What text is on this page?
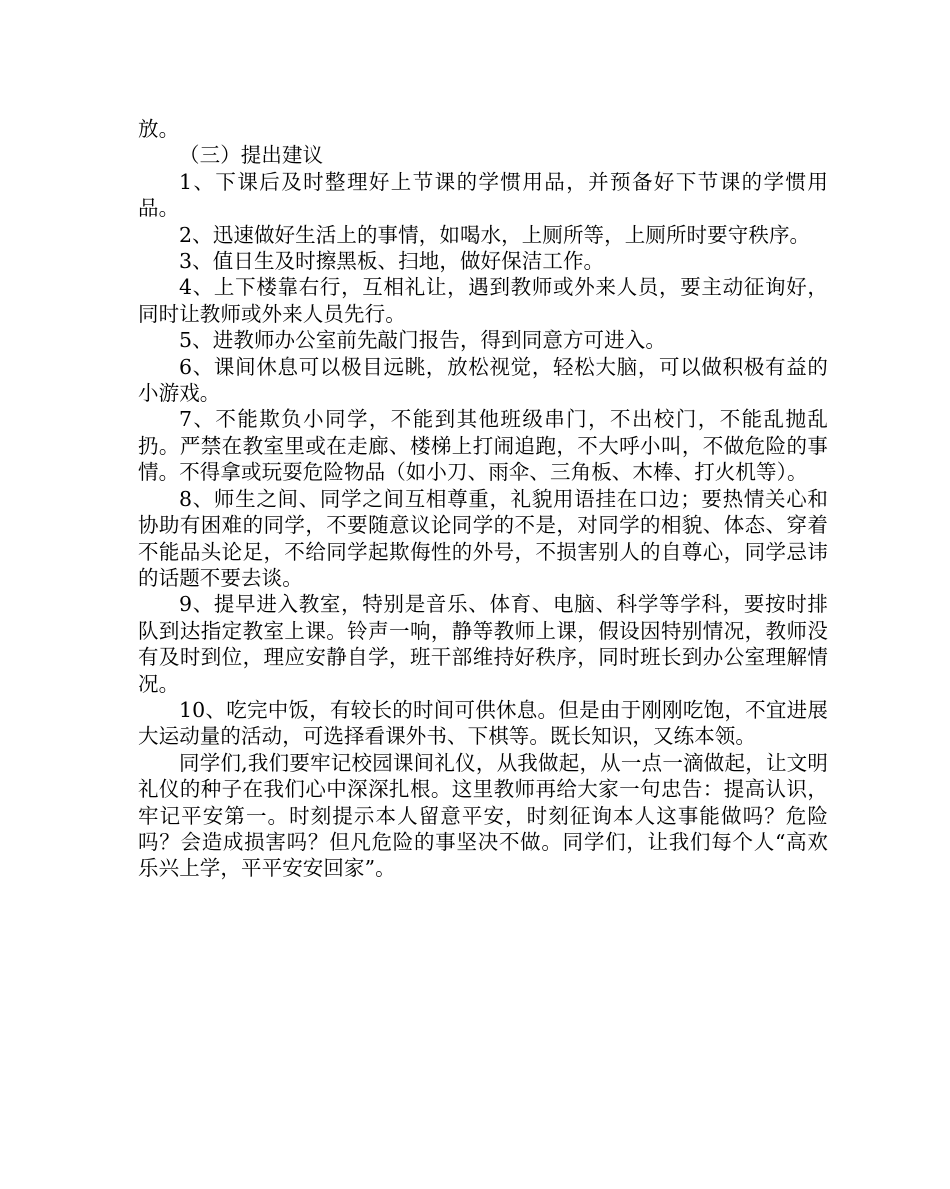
放。

（三）提出建议

1、下课后及时整理好上节课的学惯用品，并预备好下节课的学惯用品。

2、迅速做好生活上的事情，如喝水，上厕所等，上厕所时要守秩序。

3、值日生及时擦黑板、扫地，做好保洁工作。

4、上下楼靠右行，互相礼让，遇到教师或外来人员，要主动征询好，同时让教师或外来人员先行。

5、进教师办公室前先敲门报告，得到同意方可进入。

6、课间休息可以极目远眺，放松视觉，轻松大脑，可以做积极有益的小游戏。

7、不能欺负小同学，不能到其他班级串门，不出校门，不能乱抛乱扔。严禁在教室里或在走廊、楼梯上打闹追跑，不大呼小叫，不做危险的事情。不得拿或玩耍危险物品（如小刀、雨伞、三角板、木棒、打火机等）。

8、师生之间、同学之间互相尊重，礼貌用语挂在口边；要热情关心和协助有困难的同学，不要随意议论同学的不是，对同学的相貌、体态、穿着不能品头论足，不给同学起欺侮性的外号，不损害别人的自尊心，同学忌讳的话题不要去谈。

9、提早进入教室，特别是音乐、体育、电脑、科学等学科，要按时排队到达指定教室上课。铃声一响，静等教师上课，假设因特别情况，教师没有及时到位，理应安静自学，班干部维持好秩序，同时班长到办公室理解情况。

10、吃完中饭，有较长的时间可供休息。但是由于刚刚吃饱，不宜进展大运动量的活动，可选择看课外书、下棋等。既长知识，又练本领。

同学们,我们要牢记校园课间礼仪，从我做起，从一点一滴做起，让文明礼仪的种子在我们心中深深扎根。这里教师再给大家一句忠告：提高认识，牢记平安第一。时刻提示本人留意平安，时刻征询本人这事能做吗？危险吗？会造成损害吗？但凡危险的事坚决不做。同学们，让我们每个人“高欢乐兴上学，平平安安回家”。
